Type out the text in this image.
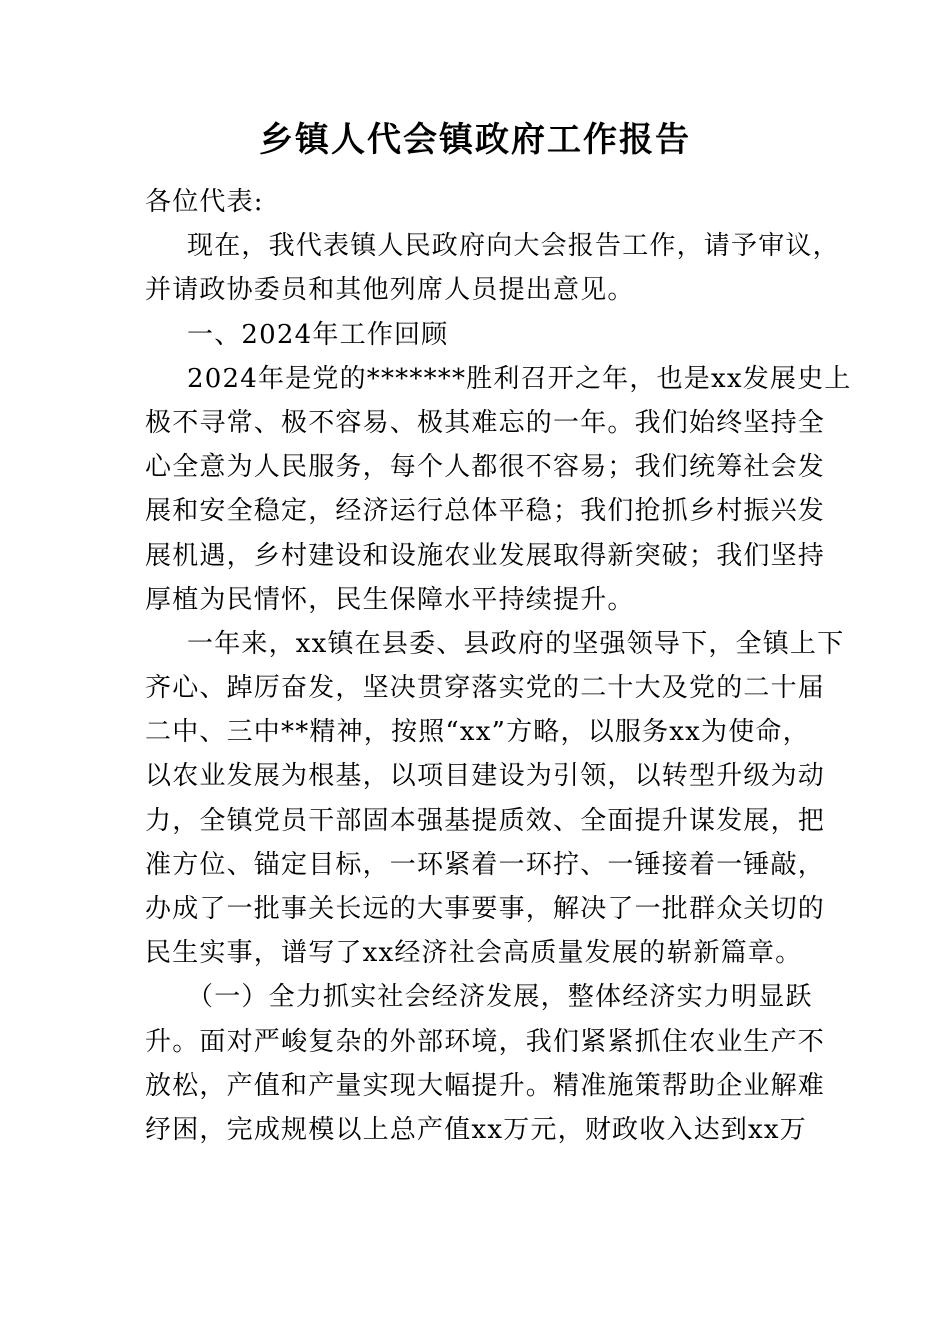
乡镇人代会镇政府工作报告
各位代表:
现在，我代表镇人民政府向大会报告工作，请予审议，
并请政协委员和其他列席人员提出意见。
一、2024年工作回顾
2024年是党的*******胜利召开之年，也是xx发展史上
极不寻常、极不容易、极其难忘的一年。我们始终坚持全
心全意为人民服务，每个人都很不容易；我们统筹社会发
展和安全稳定，经济运行总体平稳；我们抢抓乡村振兴发
展机遇，乡村建设和设施农业发展取得新突破；我们坚持
厚植为民情怀，民生保障水平持续提升。
一年来，xx镇在县委、县政府的坚强领导下，全镇上下
齐心、踔厉奋发，坚决贯穿落实党的二十大及党的二十届
二中、三中**精神，按照“xx”方略，以服务xx为使命，
以农业发展为根基，以项目建设为引领，以转型升级为动
力，全镇党员干部固本强基提质效、全面提升谋发展，把
准方位、锚定目标，一环紧着一环拧、一锤接着一锤敲，
办成了一批事关长远的大事要事，解决了一批群众关切的
民生实事，谱写了xx经济社会高质量发展的崭新篇章。
（一）全力抓实社会经济发展，整体经济实力明显跃
升。面对严峻复杂的外部环境，我们紧紧抓住农业生产不
放松，产值和产量实现大幅提升。精准施策帮助企业解难
纾困，完成规模以上总产值xx万元，财政收入达到xx万
